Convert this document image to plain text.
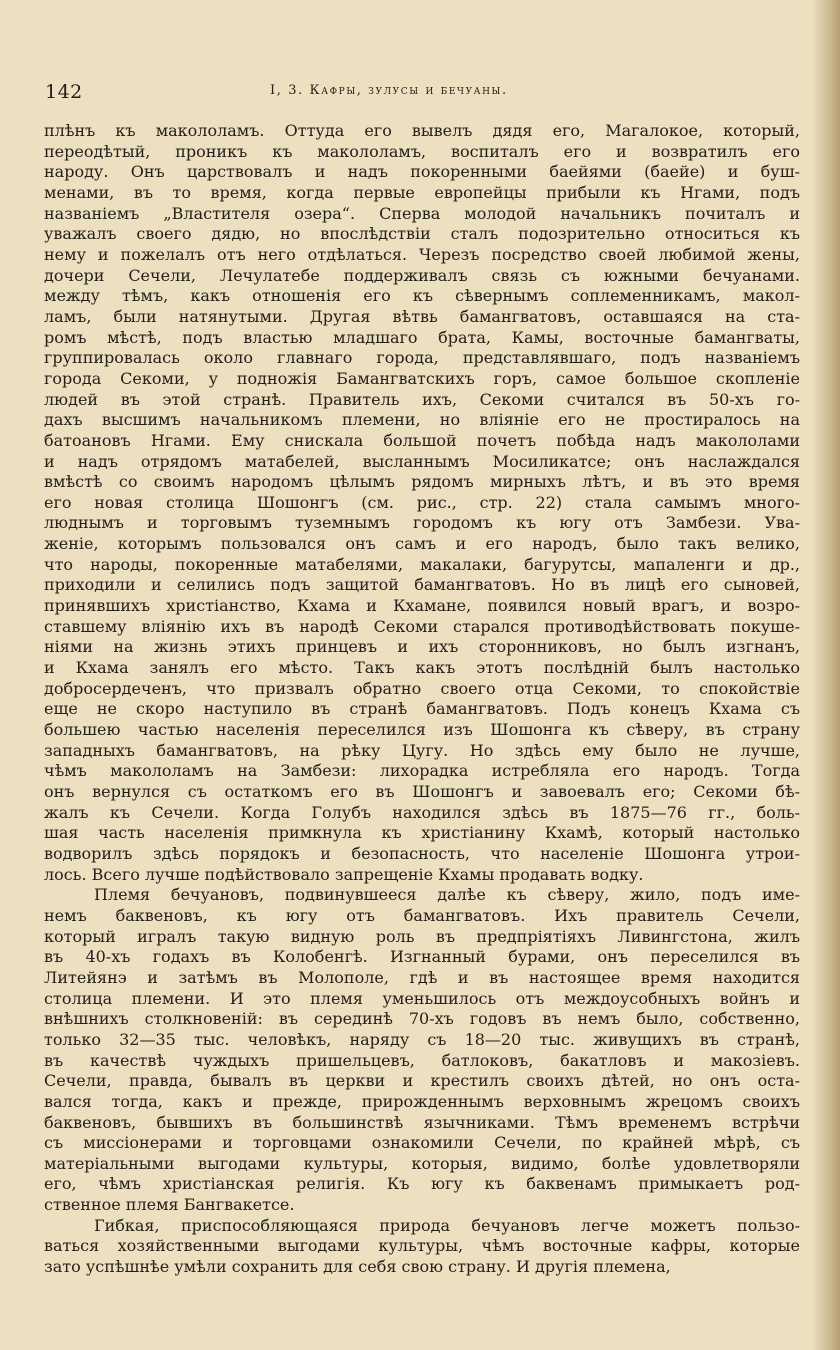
142	I, 3. Кафры, зулусы и бечуаны.
плѣнъ къ макололамъ. Оттуда его вывелъ дядя его, Магалокое, который,
переодѣтый, проникъ къ макололамъ, воспиталъ его и возвратилъ его
народу. Онъ царствовалъ и надъ покоренными баейями (баейе) и буш-
менами, въ то время, когда первые европейцы прибыли къ Нгами, подъ
названіемъ „Властителя озера“. Сперва молодой начальникъ почиталъ и
уважалъ своего дядю, но впослѣдствіи сталъ подозрительно относиться къ
нему и пожелалъ отъ него отдѣлаться. Черезъ посредство своей любимой жены,
дочери Сечели, Лечулатебе поддерживалъ связь съ южными бечуанами.
между тѣмъ, какъ отношенія его къ сѣвернымъ соплеменникамъ, макол-
ламъ, были натянутыми. Другая вѣтвь бамангватовъ, оставшаяся на ста-
ромъ мѣстѣ, подъ властью младшаго брата, Камы, восточные бамангваты,
группировалась около главнаго города, представлявшаго, подъ названіемъ
города Секоми, у подножія Бамангватскихъ горъ, самое большое скопленіе
людей въ этой странѣ. Правитель ихъ, Секоми считался въ 50-хъ го-
дахъ высшимъ начальникомъ племени, но вліяніе его не простиралось на
батоановъ Нгами. Ему снискала большой почетъ побѣда надъ макололами
и надъ отрядомъ матабелей, высланнымъ Мосиликатсе; онъ наслаждался
вмѣстѣ со своимъ народомъ цѣлымъ рядомъ мирныхъ лѣтъ, и въ это время
его новая столица Шошонгъ (см. рис., стр. 22) стала самымъ много-
люднымъ и торговымъ туземнымъ городомъ къ югу отъ Замбези. Ува-
женіе, которымъ пользовался онъ самъ и его народъ, было такъ велико,
что народы, покоренные матабелями, макалаки, багурутсы, мапаленги и др.,
приходили и селились подъ защитой бамангватовъ. Но въ лицѣ его сыновей,
принявшихъ христіанство, Кхама и Кхамане, появился новый врагъ, и возро-
ставшему вліянію ихъ въ народѣ Секоми старался противодѣйствовать покуше-
ніями на жизнь этихъ принцевъ и ихъ сторонниковъ, но былъ изгнанъ,
и Кхама занялъ его мѣсто. Такъ какъ этотъ послѣдній былъ настолько
добросердеченъ, что призвалъ обратно своего отца Секоми, то спокойствіе
еще не скоро наступило въ странѣ бамангватовъ. Подъ конецъ Кхама съ
большею частью населенія переселился изъ Шошонга къ сѣверу, въ страну
западныхъ бамангватовъ, на рѣку Цугу. Но здѣсь ему было не лучше,
чѣмъ макололамъ на Замбези: лихорадка истребляла его народъ. Тогда
онъ вернулся съ остаткомъ его въ Шошонгъ и завоевалъ его; Секоми бѣ-
жалъ къ Сечели. Когда Голубъ находился здѣсь въ 1875—76 гг., боль-
шая часть населенія примкнула къ христіанину Кхамѣ, который настолько
водворилъ здѣсь порядокъ и безопасность, что населеніе Шошонга утрои-
лось. Всего лучше подѣйствовало запрещеніе Кхамы продавать водку.
Племя бечуановъ, подвинувшееся далѣе къ сѣверу, жило, подъ име-
немъ баквеновъ, къ югу отъ бамангватовъ. Ихъ правитель Сечели,
который игралъ такую видную роль въ предпріятіяхъ Ливингстона, жилъ
въ 40-хъ годахъ въ Колобенгѣ. Изгнанный бурами, онъ переселился въ
Литейянэ и затѣмъ въ Молополе, гдѣ и въ настоящее время находится
столица племени. И это племя уменьшилось отъ междоусобныхъ войнъ и
внѣшнихъ столкновеній: въ серединѣ 70-хъ годовъ въ немъ было, собственно,
только 32—35 тыс. человѣкъ, наряду съ 18—20 тыс. живущихъ въ странѣ,
въ качествѣ чуждыхъ пришельцевъ, батлоковъ, бакатловъ и макозіевъ.
Сечели, правда, бывалъ въ церкви и крестилъ своихъ дѣтей, но онъ оста-
вался тогда, какъ и прежде, прирожденнымъ верховнымъ жрецомъ своихъ
баквеновъ, бывшихъ въ большинствѣ язычниками. Тѣмъ временемъ встрѣчи
съ миссіонерами и торговцами ознакомили Сечели, по крайней мѣрѣ, съ
матеріальными выгодами культуры, которыя, видимо, болѣе удовлетворяли
его, чѣмъ христіанская религія. Къ югу къ баквенамъ примыкаетъ род-
ственное племя Бангвакетсе.
Гибкая, приспособляющаяся природа бечуановъ легче можетъ пользо-
ваться хозяйственными выгодами культуры, чѣмъ восточные кафры, которые
зато успѣшнѣе умѣли сохранить для себя свою страну. И другія племена,
